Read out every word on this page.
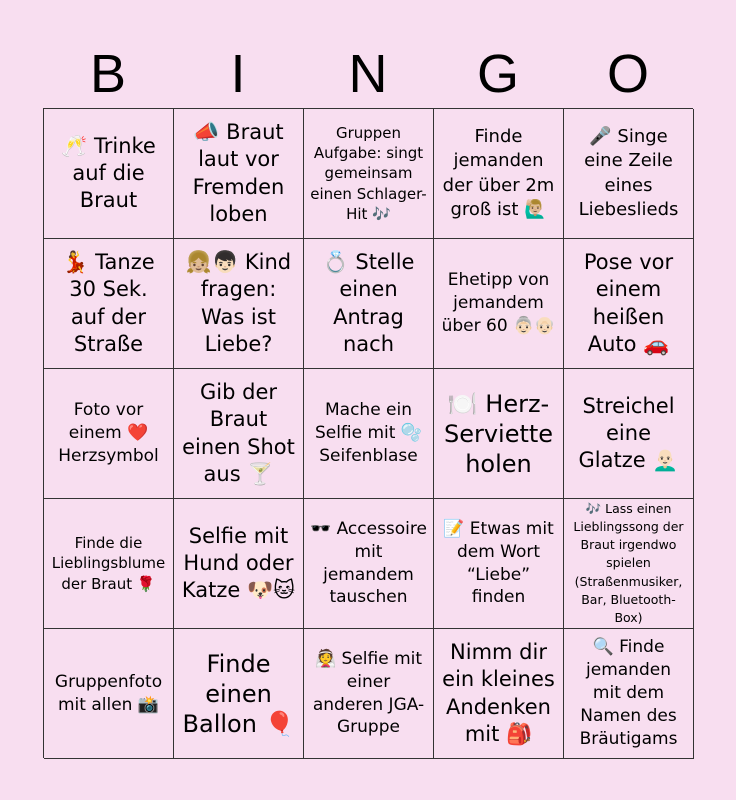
B	I	N	G	O
🥂 Trinke auf die Braut
📣 Braut laut vor Fremden loben
Gruppen Aufgabe: singt gemeinsam einen Schlager-Hit 🎶
Finde jemanden der über 2m groß ist 🙋🏼‍♂️
🎤 Singe eine Zeile eines Liebeslieds
💃 Tanze 30 Sek. auf der Straße
👧🏼👦🏻 Kind fragen: Was ist Liebe?
💍 Stelle einen Antrag nach
Ehetipp von jemandem über 60 👵🏻👴🏻
Pose vor einem heißen Auto 🚗
Foto vor einem ❤️ Herzsymbol
Gib der Braut einen Shot aus 🍸
Mache ein Selfie mit 🫧 Seifenblase
🍽️ Herz-Serviette holen
Streichel eine Glatze 👨🏻‍🦲
Finde die Lieblingsblume der Braut 🌹
Selfie mit Hund oder Katze 🐶🐱
🕶️ Accessoire mit jemandem tauschen
📝 Etwas mit dem Wort “Liebe” finden
🎶 Lass einen Lieblingssong der Braut irgendwo spielen (Straßenmusiker, Bar, Bluetooth-Box)
Gruppenfoto mit allen 📸
Finde einen Ballon 🎈
👰 Selfie mit einer anderen JGA-Gruppe
Nimm dir ein kleines Andenken mit 🎒
🔍 Finde jemanden mit dem Namen des Bräutigams
